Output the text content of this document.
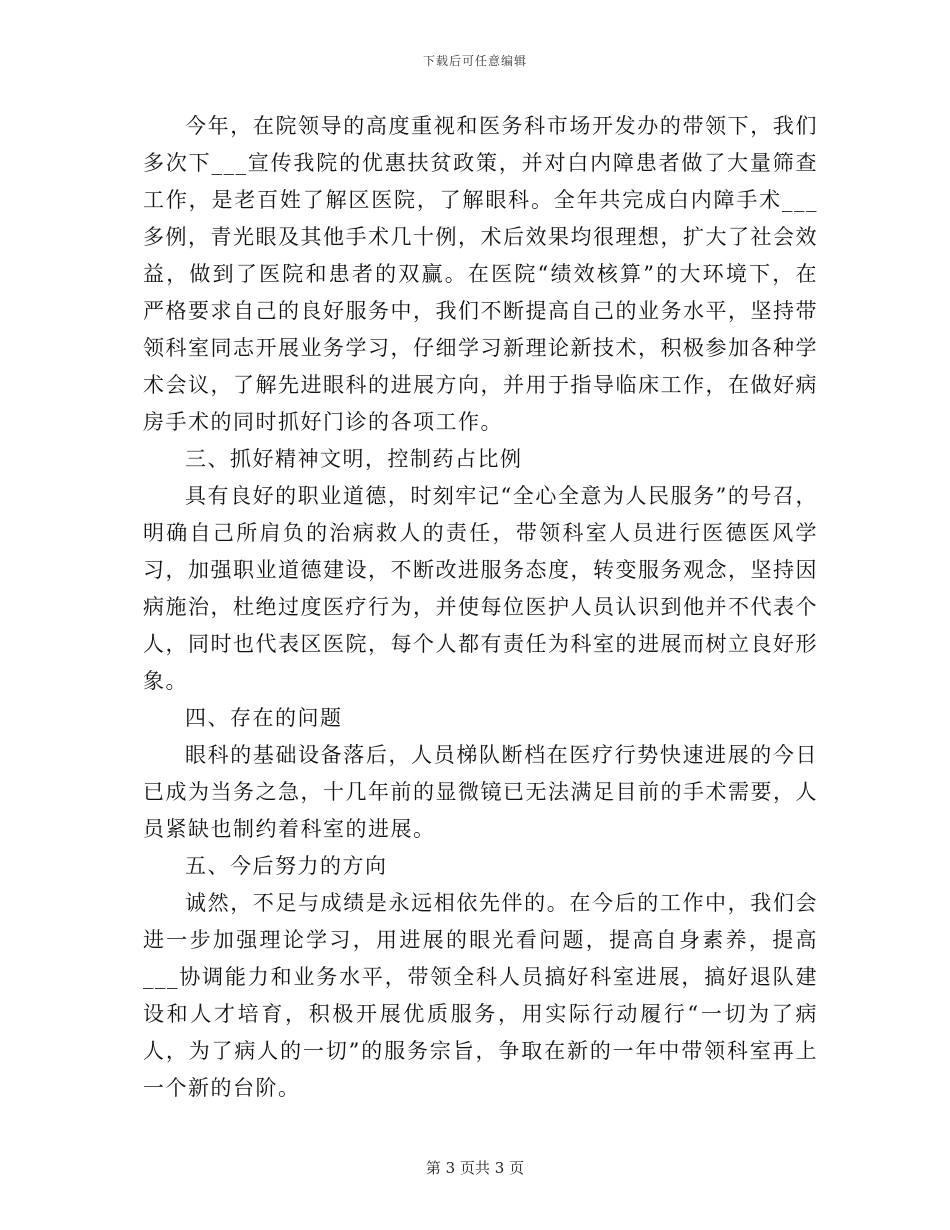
下载后可任意编辑

今年，在院领导的高度重视和医务科市场开发办的带领下，我们多次下___宣传我院的优惠扶贫政策，并对白内障患者做了大量筛查工作，是老百姓了解区医院，了解眼科。全年共完成白内障手术___多例，青光眼及其他手术几十例，术后效果均很理想，扩大了社会效益，做到了医院和患者的双赢。在医院“绩效核算”的大环境下，在严格要求自己的良好服务中，我们不断提高自己的业务水平，坚持带领科室同志开展业务学习，仔细学习新理论新技术，积极参加各种学术会议，了解先进眼科的进展方向，并用于指导临床工作，在做好病房手术的同时抓好门诊的各项工作。

三、抓好精神文明，控制药占比例

具有良好的职业道德，时刻牢记“全心全意为人民服务”的号召，明确自己所肩负的治病救人的责任，带领科室人员进行医德医风学习，加强职业道德建设，不断改进服务态度，转变服务观念，坚持因病施治，杜绝过度医疗行为，并使每位医护人员认识到他并不代表个人，同时也代表区医院，每个人都有责任为科室的进展而树立良好形象。

四、存在的问题

眼科的基础设备落后，人员梯队断档在医疗行势快速进展的今日已成为当务之急，十几年前的显微镜已无法满足目前的手术需要，人员紧缺也制约着科室的进展。

五、今后努力的方向

诚然，不足与成绩是永远相依先伴的。在今后的工作中，我们会进一步加强理论学习，用进展的眼光看问题，提高自身素养，提高___协调能力和业务水平，带领全科人员搞好科室进展，搞好退队建设和人才培育，积极开展优质服务，用实际行动履行“一切为了病人，为了病人的一切”的服务宗旨，争取在新的一年中带领科室再上一个新的台阶。

第 3 页共 3 页
